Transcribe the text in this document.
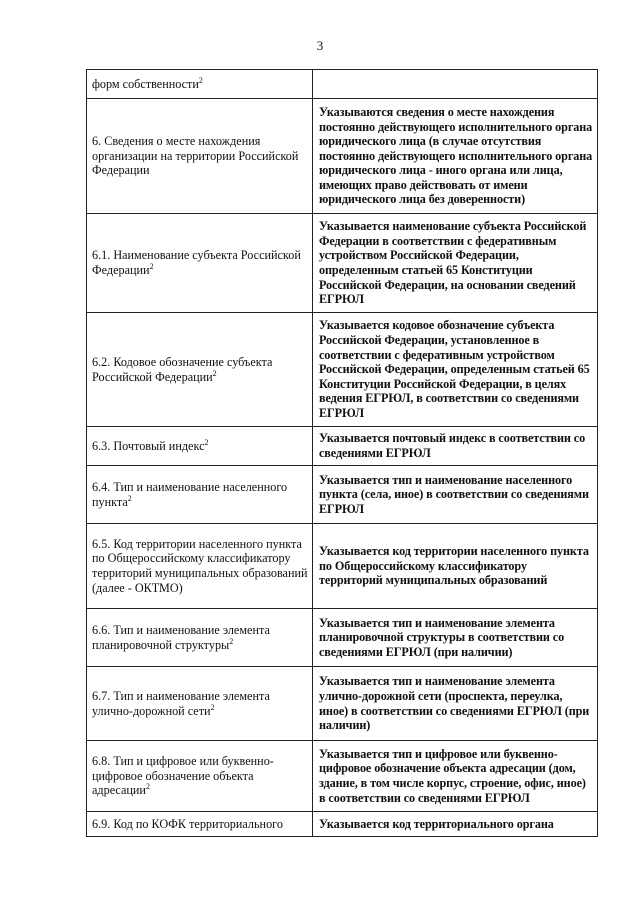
3
форм собственности$^2$	
6. Сведения о месте нахождения организации на территории Российской Федерации	Указываются сведения о месте нахождения постоянно действующего исполнительного органа юридического лица (в случае отсутствия постоянно действующего исполнительного органа юридического лица - иного органа или лица, имеющих право действовать от имени юридического лица без доверенности)
6.1. Наименование субъекта Российской Федерации$^2$	Указывается наименование субъекта Российской Федерации в соответствии с федеративным устройством Российской Федерации, определенным статьей 65 Конституции Российской Федерации, на основании сведений ЕГРЮЛ
6.2. Кодовое обозначение субъекта Российской Федерации$^2$	Указывается кодовое обозначение субъекта Российской Федерации, установленное в соответствии с федеративным устройством Российской Федерации, определенным статьей 65 Конституции Российской Федерации, в целях ведения ЕГРЮЛ, в соответствии со сведениями ЕГРЮЛ
6.3. Почтовый индекс$^2$	Указывается почтовый индекс в соответствии со сведениями ЕГРЮЛ
6.4. Тип и наименование населенного пункта$^2$	Указывается тип и наименование населенного пункта (села, иное) в соответствии со сведениями ЕГРЮЛ
6.5. Код территории населенного пункта по Общероссийскому классификатору территорий муниципальных образований (далее - ОКТМО)	Указывается код территории населенного пункта по Общероссийскому классификатору территорий муниципальных образований
6.6. Тип и наименование элемента планировочной структуры$^2$	Указывается тип и наименование элемента планировочной структуры в соответствии со сведениями ЕГРЮЛ (при наличии)
6.7. Тип и наименование элемента улично-дорожной сети$^2$	Указывается тип и наименование элемента улично-дорожной сети (проспекта, переулка, иное) в соответствии со сведениями ЕГРЮЛ (при наличии)
6.8. Тип и цифровое или буквенно-цифровое обозначение объекта адресации$^2$	Указывается тип и цифровое или буквенно-цифровое обозначение объекта адресации (дом, здание, в том числе корпус, строение, офис, иное) в соответствии со сведениями ЕГРЮЛ
6.9. Код по КОФК территориального	Указывается код территориального органа
